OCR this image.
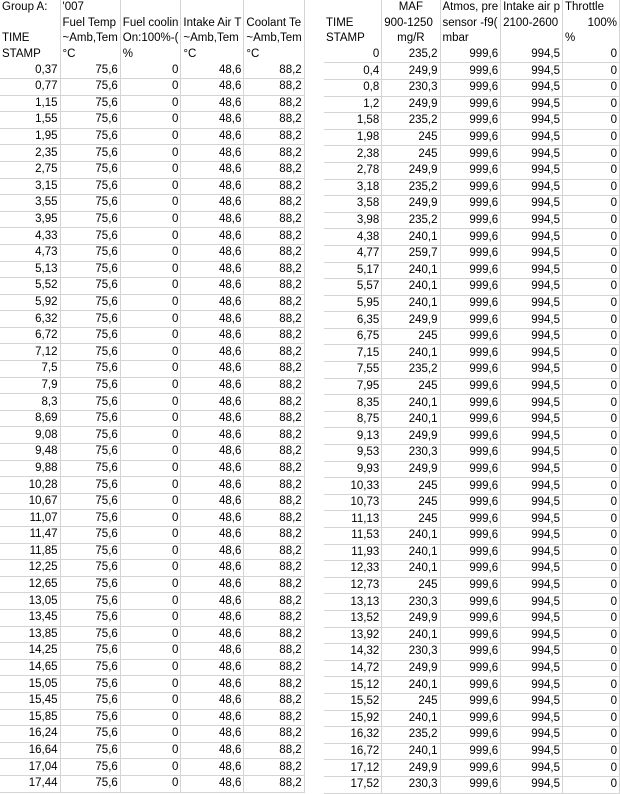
Group A:	'007			
	Fuel Temp	Fuel coolin	Intake Air T	Coolant Te
TIME	~Amb,Tem	On:100%-(	~Amb,Tem	~Amb,Tem
STAMP	°C	%	°C	°C
0,37	75,6	0	48,6	88,2
0,77	75,6	0	48,6	88,2
1,15	75,6	0	48,6	88,2
1,55	75,6	0	48,6	88,2
1,95	75,6	0	48,6	88,2
2,35	75,6	0	48,6	88,2
2,75	75,6	0	48,6	88,2
3,15	75,6	0	48,6	88,2
3,55	75,6	0	48,6	88,2
3,95	75,6	0	48,6	88,2
4,33	75,6	0	48,6	88,2
4,73	75,6	0	48,6	88,2
5,13	75,6	0	48,6	88,2
5,52	75,6	0	48,6	88,2
5,92	75,6	0	48,6	88,2
6,32	75,6	0	48,6	88,2
6,72	75,6	0	48,6	88,2
7,12	75,6	0	48,6	88,2
7,5	75,6	0	48,6	88,2
7,9	75,6	0	48,6	88,2
8,3	75,6	0	48,6	88,2
8,69	75,6	0	48,6	88,2
9,08	75,6	0	48,6	88,2
9,48	75,6	0	48,6	88,2
9,88	75,6	0	48,6	88,2
10,28	75,6	0	48,6	88,2
10,67	75,6	0	48,6	88,2
11,07	75,6	0	48,6	88,2
11,47	75,6	0	48,6	88,2
11,85	75,6	0	48,6	88,2
12,25	75,6	0	48,6	88,2
12,65	75,6	0	48,6	88,2
13,05	75,6	0	48,6	88,2
13,45	75,6	0	48,6	88,2
13,85	75,6	0	48,6	88,2
14,25	75,6	0	48,6	88,2
14,65	75,6	0	48,6	88,2
15,05	75,6	0	48,6	88,2
15,45	75,6	0	48,6	88,2
15,85	75,6	0	48,6	88,2
16,24	75,6	0	48,6	88,2
16,64	75,6	0	48,6	88,2
17,04	75,6	0	48,6	88,2
17,44	75,6	0	48,6	88,2
	MAF	Atmos, pre	Intake air p	Throttle
TIME	900-1250	sensor -f9(	2100-2600	100%
STAMP	mg/R	mbar		%
0	235,2	999,6	994,5	0
0,4	249,9	999,6	994,5	0
0,8	230,3	999,6	994,5	0
1,2	249,9	999,6	994,5	0
1,58	235,2	999,6	994,5	0
1,98	245	999,6	994,5	0
2,38	245	999,6	994,5	0
2,78	249,9	999,6	994,5	0
3,18	235,2	999,6	994,5	0
3,58	249,9	999,6	994,5	0
3,98	235,2	999,6	994,5	0
4,38	240,1	999,6	994,5	0
4,77	259,7	999,6	994,5	0
5,17	240,1	999,6	994,5	0
5,57	240,1	999,6	994,5	0
5,95	240,1	999,6	994,5	0
6,35	249,9	999,6	994,5	0
6,75	245	999,6	994,5	0
7,15	240,1	999,6	994,5	0
7,55	235,2	999,6	994,5	0
7,95	245	999,6	994,5	0
8,35	240,1	999,6	994,5	0
8,75	240,1	999,6	994,5	0
9,13	249,9	999,6	994,5	0
9,53	230,3	999,6	994,5	0
9,93	249,9	999,6	994,5	0
10,33	245	999,6	994,5	0
10,73	245	999,6	994,5	0
11,13	245	999,6	994,5	0
11,53	240,1	999,6	994,5	0
11,93	240,1	999,6	994,5	0
12,33	240,1	999,6	994,5	0
12,73	245	999,6	994,5	0
13,13	230,3	999,6	994,5	0
13,52	249,9	999,6	994,5	0
13,92	240,1	999,6	994,5	0
14,32	230,3	999,6	994,5	0
14,72	249,9	999,6	994,5	0
15,12	240,1	999,6	994,5	0
15,52	245	999,6	994,5	0
15,92	240,1	999,6	994,5	0
16,32	235,2	999,6	994,5	0
16,72	240,1	999,6	994,5	0
17,12	249,9	999,6	994,5	0
17,52	230,3	999,6	994,5	0
